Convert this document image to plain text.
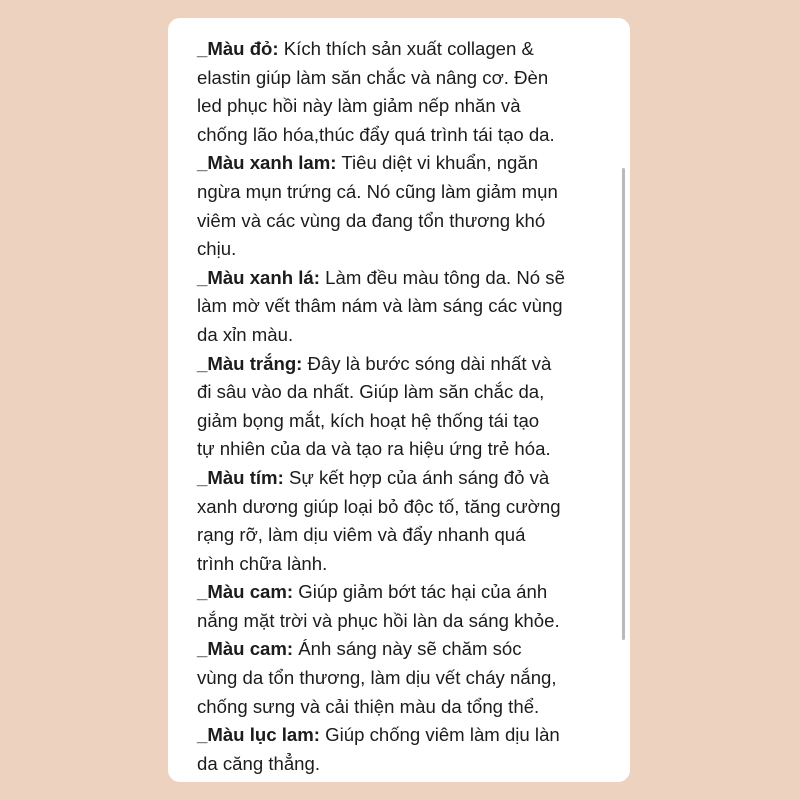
_Màu đỏ: Kích thích sản xuất collagen &
elastin giúp làm săn chắc và nâng cơ. Đèn
led phục hồi này làm giảm nếp nhăn và
chống lão hóa,thúc đẩy quá trình tái tạo da.
_Màu xanh lam: Tiêu diệt vi khuẩn, ngăn
ngừa mụn trứng cá. Nó cũng làm giảm mụn
viêm và các vùng da đang tổn thương khó
chịu.
_Màu xanh lá: Làm đều màu tông da. Nó sẽ
làm mờ vết thâm nám và làm sáng các vùng
da xỉn màu.
_Màu trắng: Đây là bước sóng dài nhất và
đi sâu vào da nhất. Giúp làm săn chắc da,
giảm bọng mắt, kích hoạt hệ thống tái tạo
tự nhiên của da và tạo ra hiệu ứng trẻ hóa.
_Màu tím: Sự kết hợp của ánh sáng đỏ và
xanh dương giúp loại bỏ độc tố, tăng cường
rạng rỡ, làm dịu viêm và đẩy nhanh quá
trình chữa lành.
_Màu cam: Giúp giảm bớt tác hại của ánh
nắng mặt trời và phục hồi làn da sáng khỏe.
_Màu cam: Ánh sáng này sẽ chăm sóc
vùng da tổn thương, làm dịu vết cháy nắng,
chống sưng và cải thiện màu da tổng thể.
_Màu lục lam: Giúp chống viêm làm dịu làn
da căng thẳng.
